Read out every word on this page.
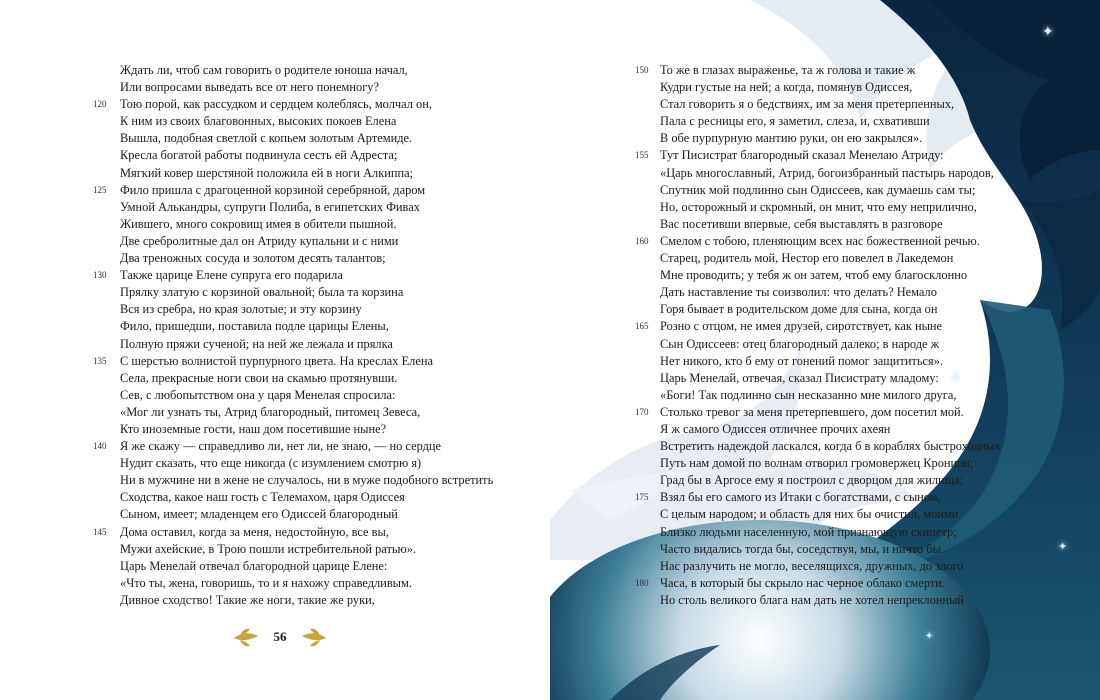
✦
✦
✦
✦
Ждать ли, чтоб сам говорить о родителе юноша начал,
Или вопросами выведать все от него понемногу?
120	Тою порой, как рассудком и сердцем колеблясь, молчал он,
К ним из своих благовонных, высоких покоев Елена
Вышла, подобная светлой с копьем золотым Артемиде.
Кресла богатой работы подвинула сесть ей Адреста;
Мягкий ковер шерстяной положила ей в ноги Алкиппа;
125	Фило пришла с драгоценной корзиной серебряной, даром
Умной Алькандры, супруги Полиба, в египетских Фивах
Жившего, много сокровищ имея в обители пышной.
Две сребролитные дал он Атриду купальни и с ними
Два треножных сосуда и золотом десять талантов;
130	Также царице Елене супруга его подарила
Прялку златую с корзиной овальной; была та корзина
Вся из сребра, но края золотые; и эту корзину
Фило, пришедши, поставила подле царицы Елены,
Полную пряжи сученой; на ней же лежала и прялка
135	С шерстью волнистой пурпурного цвета. На креслах Елена
Села, прекрасные ноги свои на скамью протянувши.
Сев, с любопытством она у царя Менелая спросила:
«Мог ли узнать ты, Атрид благородный, питомец Зевеса,
Кто иноземные гости, наш дом посетившие ныне?
140	Я же скажу — справедливо ли, нет ли, не знаю, — но сердце
Нудит сказать, что еще никогда (с изумлением смотрю я)
Ни в мужчине ни в жене не случалось, ни в муже подобного встретить
Сходства, какое наш гость с Телемахом, царя Одиссея
Сыном, имеет; младенцем его Одиссей благородный
145	Дома оставил, когда за меня, недостойную, все вы,
Мужи ахейские, в Трою пошли истребительной ратью».
Царь Менелай отвечал благородной царице Елене:
«Что ты, жена, говоришь, то и я нахожу справедливым.
Дивное сходство! Такие же ноги, такие же руки,
150 То же в глазах выраженье, та ж голова и такие ж
Кудри густые на ней; а когда, помянув Одиссея,
Стал говорить я о бедствиях, им за меня претерпенных,
Пала с ресницы его, я заметил, слеза, и, схвативши
В обе пурпурную мантию руки, он ею закрылся».
155 Тут Писистрат благородный сказал Менелаю Атриду:
«Царь многославный, Атрид, богоизбранный пастырь народов,
Спутник мой подлинно сын Одиссеев, как думаешь сам ты;
Но, осторожный и скромный, он мнит, что ему неприлично,
Вас посетивши впервые, себя выставлять в разговоре
160 Смелом с тобою, пленяющим всех нас божественной речью.
Старец, родитель мой, Нестор его повелел в Лакедемон
Мне проводить; у тебя ж он затем, чтоб ему благосклонно
Дать наставление ты соизволил: что делать? Немало
Горя бывает в родительском доме для сына, когда он
165 Розно с отцом, не имея друзей, сиротствует, как ныне
Сын Одиссеев: отец благородный далеко; в народе ж
Нет никого, кто б ему от гонений помог защититься».
Царь Менелай, отвечая, сказал Писистрату младому:
«Боги! Так подлинно сын несказанно мне милого друга,
170 Столько тревог за меня претерпевшего, дом посетил мой.
Я ж самого Одиссея отличнее прочих ахеян
Встретить надеждой ласкался, когда б в кораблях быстроходных
Путь нам домой по волнам отворил громовержец Кронион;
Град бы в Аргосе ему я построил с дворцом для жилища;
175 Взял бы его самого из Итаки с богатствами, с сыном,
С целым народом; и область для них бы очистил, моими
Близко людьми населенную, мой признающую скипетр;
Часто видались тогда бы, соседствуя, мы, и ничто бы
Нас разлучить не могло, веселящихся, дружных, до злого
180 Часа, в который бы скрыло нас черное облако смерти.
Но столь великого блага нам дать не хотел непреклонный
56
